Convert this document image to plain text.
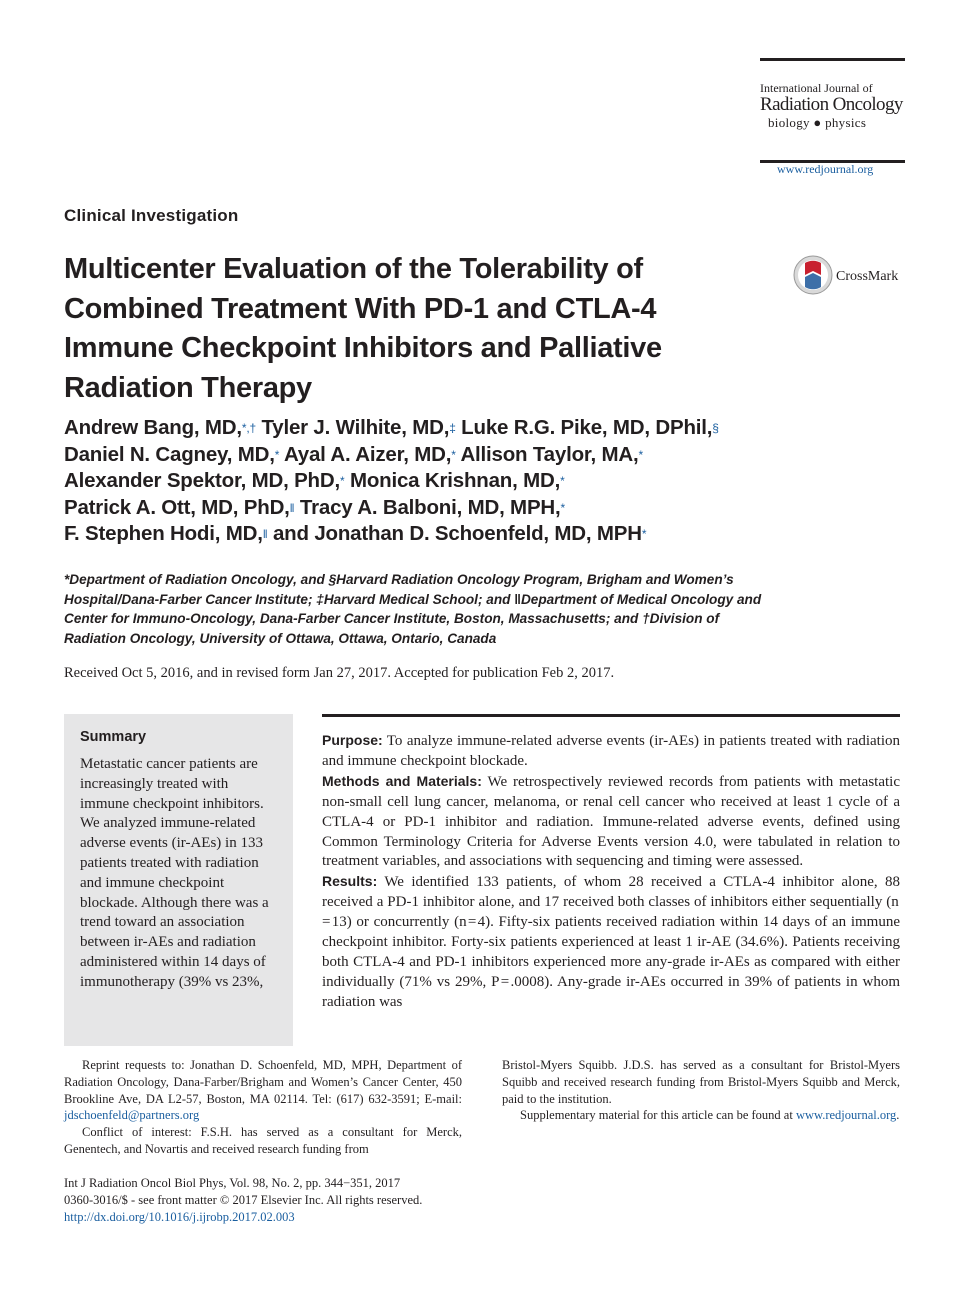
International Journal of
Radiation Oncology
biology ● physics
www.redjournal.org
Clinical Investigation
Multicenter Evaluation of the Tolerability of Combined Treatment With PD-1 and CTLA-4 Immune Checkpoint Inhibitors and Palliative Radiation Therapy
CrossMark
Andrew Bang, MD,*,† Tyler J. Wilhite, MD,‡ Luke R.G. Pike, MD, DPhil,§
Daniel N. Cagney, MD,* Ayal A. Aizer, MD,* Allison Taylor, MA,*
Alexander Spektor, MD, PhD,* Monica Krishnan, MD,*
Patrick A. Ott, MD, PhD,‖ Tracy A. Balboni, MD, MPH,*
F. Stephen Hodi, MD,‖ and Jonathan D. Schoenfeld, MD, MPH*
*Department of Radiation Oncology, and §Harvard Radiation Oncology Program, Brigham and Women’s Hospital/Dana-Farber Cancer Institute; ‡Harvard Medical School; and ‖Department of Medical Oncology and Center for Immuno-Oncology, Dana-Farber Cancer Institute, Boston, Massachusetts; and †Division of Radiation Oncology, University of Ottawa, Ottawa, Ontario, Canada
Received Oct 5, 2016, and in revised form Jan 27, 2017. Accepted for publication Feb 2, 2017.
Summary

Metastatic cancer patients are increasingly treated with immune checkpoint inhibitors. We analyzed immune-related adverse events (ir-AEs) in 133 patients treated with radiation and immune checkpoint blockade. Although there was a trend toward an association between ir-AEs and radiation administered within 14 days of immunotherapy (39% vs 23%,

Purpose: To analyze immune-related adverse events (ir-AEs) in patients treated with radiation and immune checkpoint blockade.

Methods and Materials: We retrospectively reviewed records from patients with metastatic non-small cell lung cancer, melanoma, or renal cell cancer who received at least 1 cycle of a CTLA-4 or PD-1 inhibitor and radiation. Immune-related adverse events, defined using Common Terminology Criteria for Adverse Events version 4.0, were tabulated in relation to treatment variables, and associations with sequencing and timing were assessed.

Results: We identified 133 patients, of whom 28 received a CTLA-4 inhibitor alone, 88 received a PD-1 inhibitor alone, and 17 received both classes of inhibitors either sequentially (n = 13) or concurrently (n = 4). Fifty-six patients received radiation within 14 days of an immune checkpoint inhibitor. Forty-six patients experienced at least 1 ir-AE (34.6%). Patients receiving both CTLA-4 and PD-1 inhibitors experienced more any-grade ir-AEs as compared with either individually (71% vs 29%, P = .0008). Any-grade ir-AEs occurred in 39% of patients in whom radiation was

Reprint requests to: Jonathan D. Schoenfeld, MD, MPH, Department of Radiation Oncology, Dana-Farber/Brigham and Women’s Cancer Center, 450 Brookline Ave, DA L2-57, Boston, MA 02114. Tel: (617) 632-3591; E-mail: jdschoenfeld@partners.org

Conflict of interest: F.S.H. has served as a consultant for Merck, Genentech, and Novartis and received research funding from

Bristol-Myers Squibb. J.D.S. has served as a consultant for Bristol-Myers Squibb and received research funding from Bristol-Myers Squibb and Merck, paid to the institution.

Supplementary material for this article can be found at www.redjournal.org.

Int J Radiation Oncol Biol Phys, Vol. 98, No. 2, pp. 344−351, 2017
0360-3016/$ - see front matter © 2017 Elsevier Inc. All rights reserved.
http://dx.doi.org/10.1016/j.ijrobp.2017.02.003
